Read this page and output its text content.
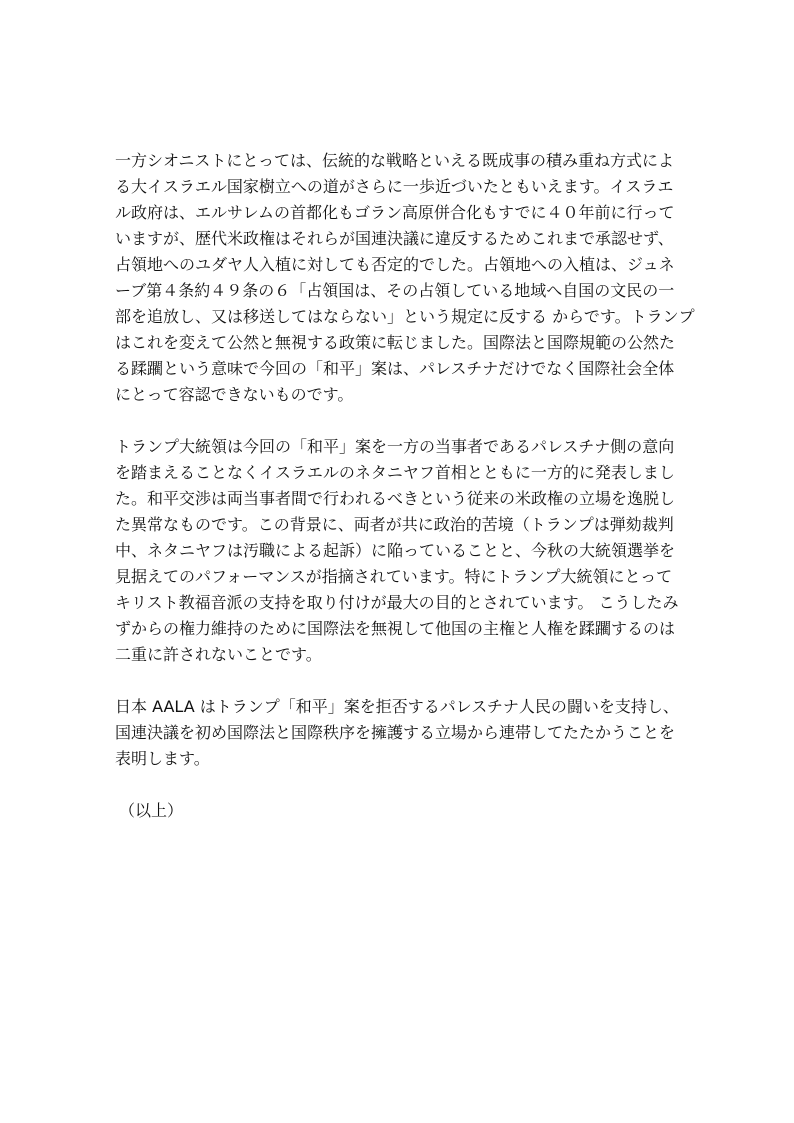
一方シオニストにとっては、伝統的な戦略といえる既成事の積み重ね方式によ
る大イスラエル国家樹立への道がさらに一歩近づいたともいえます。イスラエ
ル政府は、エルサレムの首都化もゴラン高原併合化もすでに４０年前に行って
いますが、歴代米政権はそれらが国連決議に違反するためこれまで承認せず、
占領地へのユダヤ人入植に対しても否定的でした。占領地への入植は、ジュネ
ーブ第４条約４９条の６「占領国は、その占領している地域へ自国の文民の一
部を追放し、又は移送してはならない」という規定に反する からです。トランプ
はこれを変えて公然と無視する政策に転じました。国際法と国際規範の公然た
る蹂躙という意味で今回の「和平」案は、パレスチナだけでなく国際社会全体
にとって容認できないものです。

トランプ大統領は今回の「和平」案を一方の当事者であるパレスチナ側の意向
を踏まえることなくイスラエルのネタニヤフ首相とともに一方的に発表しまし
た。和平交渉は両当事者間で行われるべきという従来の米政権の立場を逸脱し
た異常なものです。この背景に、両者が共に政治的苦境（トランプは弾劾裁判
中、ネタニヤフは汚職による起訴）に陥っていることと、今秋の大統領選挙を
見据えてのパフォーマンスが指摘されています。特にトランプ大統領にとって
キリスト教福音派の支持を取り付けが最大の目的とされています。 こうしたみ
ずからの権力維持のために国際法を無視して他国の主権と人権を蹂躙するのは
二重に許されないことです。

日本 AALA はトランプ「和平」案を拒否するパレスチナ人民の闘いを支持し、
国連決議を初め国際法と国際秩序を擁護する立場から連帯してたたかうことを
表明します。

（以上）
